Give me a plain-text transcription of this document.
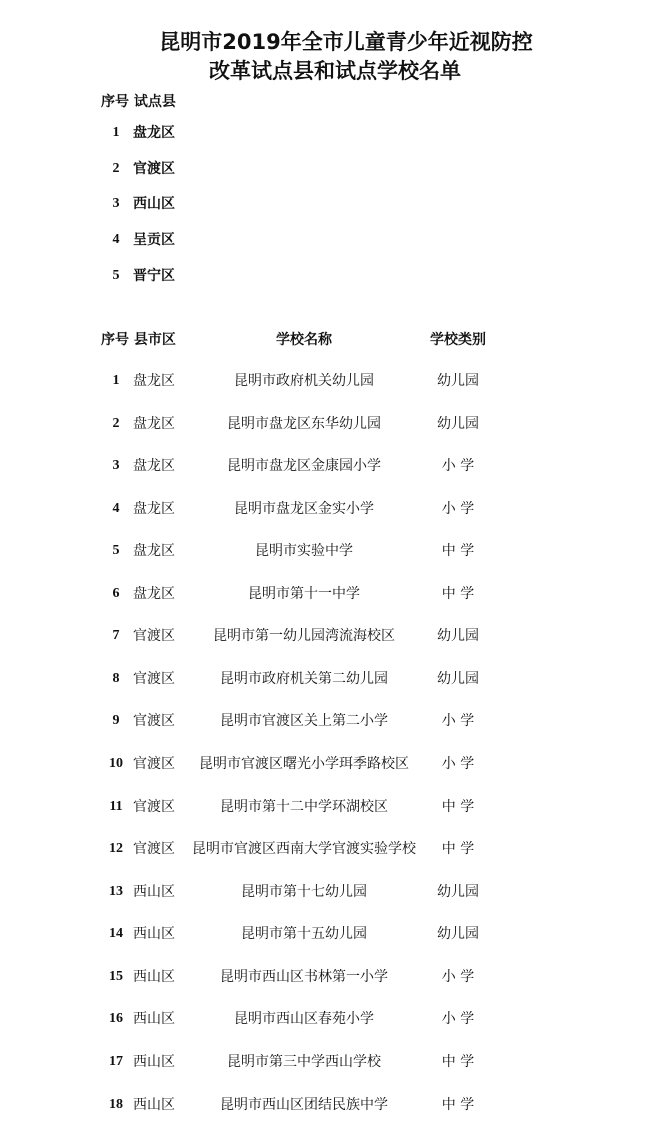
昆明市2019年全市儿童青少年近视防控
改革试点县和试点学校名单
序号 试点县
1 盘龙区
2 官渡区
3 西山区
4 呈贡区
5 晋宁区
序号 县市区	学校名称	学校类别
1 盘龙区	昆明市政府机关幼儿园	幼儿园
2 盘龙区	昆明市盘龙区东华幼儿园	幼儿园
3 盘龙区	昆明市盘龙区金康园小学	小 学
4 盘龙区	昆明市盘龙区金实小学	小 学
5 盘龙区	昆明市实验中学	中 学
6 盘龙区	昆明市第十一中学	中 学
7 官渡区	昆明市第一幼儿园湾流海校区	幼儿园
8 官渡区	昆明市政府机关第二幼儿园	幼儿园
9 官渡区	昆明市官渡区关上第二小学	小 学
10 官渡区	昆明市官渡区曙光小学珥季路校区	小 学
11 官渡区	昆明市第十二中学环湖校区	中 学
12 官渡区	昆明市官渡区西南大学官渡实验学校	中 学
13 西山区	昆明市第十七幼儿园	幼儿园
14 西山区	昆明市第十五幼儿园	幼儿园
15 西山区	昆明市西山区书林第一小学	小 学
16 西山区	昆明市西山区春苑小学	小 学
17 西山区	昆明市第三中学西山学校	中 学
18 西山区	昆明市西山区团结民族中学	中 学
